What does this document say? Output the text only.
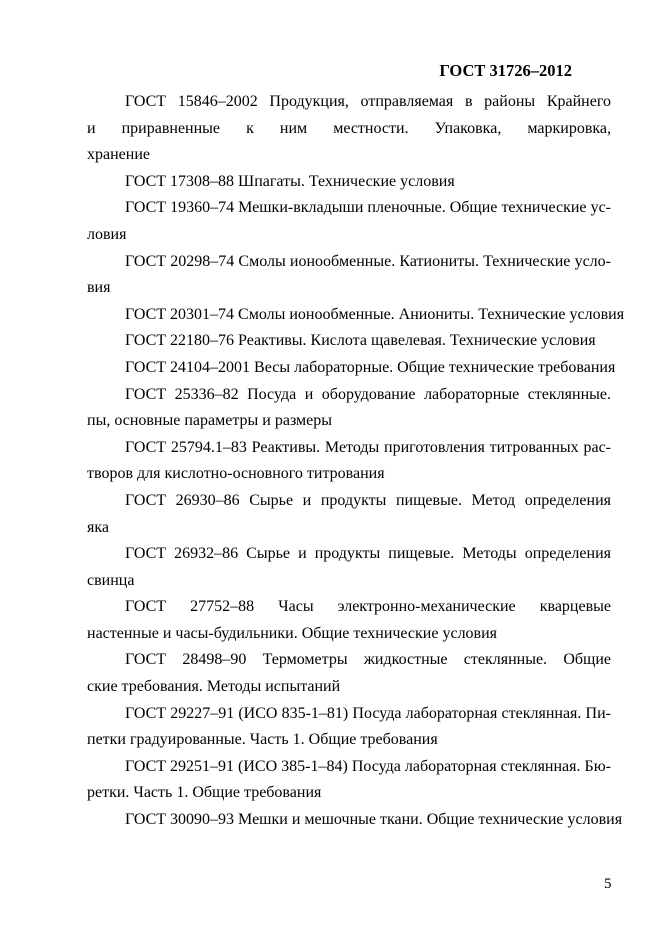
ГОСТ 31726–2012
ГОСТ 15846–2002 Продукция, отправляемая в районы Крайнего
и приравненные к ним местности. Упаковка, маркировка,
хранение
ГОСТ 17308–88 Шпагаты. Технические условия
ГОСТ 19360–74 Мешки-вкладыши пленочные. Общие технические ус-
ловия
ГОСТ 20298–74 Смолы ионообменные. Катиониты. Технические усло-
вия
ГОСТ 20301–74 Смолы ионообменные. Аниониты. Технические условия
ГОСТ 22180–76 Реактивы. Кислота щавелевая. Технические условия
ГОСТ 24104–2001 Весы лабораторные. Общие технические требования
ГОСТ 25336–82 Посуда и оборудование лабораторные стеклянные.
пы, основные параметры и размеры
ГОСТ 25794.1–83 Реактивы. Методы приготовления титрованных рас-
творов для кислотно-основного титрования
ГОСТ 26930–86 Сырье и продукты пищевые. Метод определения
яка
ГОСТ 26932–86 Сырье и продукты пищевые. Методы определения
свинца
ГОСТ 27752–88 Часы электронно-механические кварцевые
настенные и часы-будильники. Общие технические условия
ГОСТ 28498–90 Термометры жидкостные стеклянные. Общие
ские требования. Методы испытаний
ГОСТ 29227–91 (ИСО 835-1–81) Посуда лабораторная стеклянная. Пи-
петки градуированные. Часть 1. Общие требования
ГОСТ 29251–91 (ИСО 385-1–84) Посуда лабораторная стеклянная. Бю-
ретки. Часть 1. Общие требования
ГОСТ 30090–93 Мешки и мешочные ткани. Общие технические условия
5
